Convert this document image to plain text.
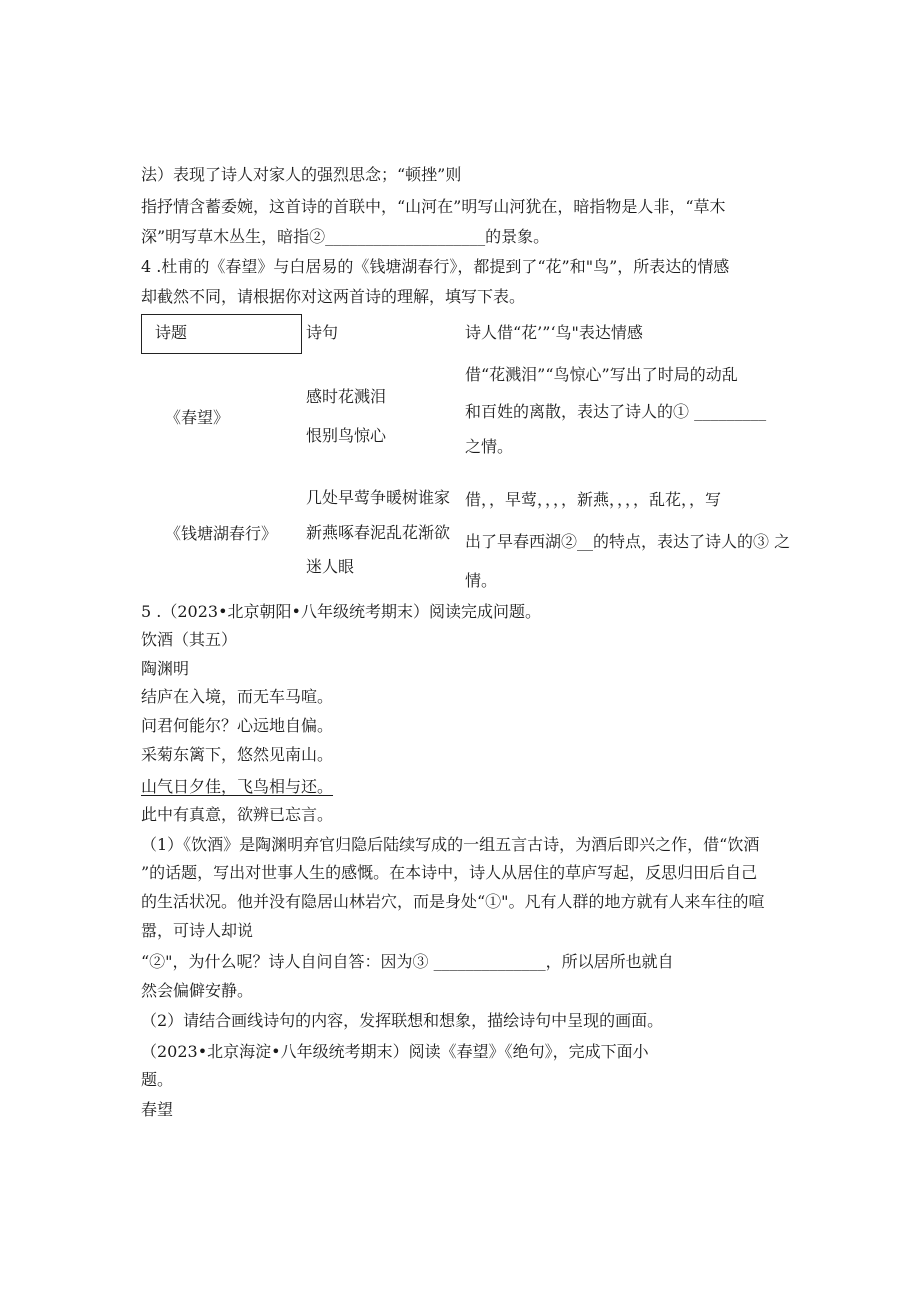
法）表现了诗人对家人的强烈思念；“顿挫”则
指抒情含蓄委婉，这首诗的首联中，“山河在”明写山河犹在，暗指物是人非，“草木
深”明写草木丛生，暗指②____________________的景象。
4 .杜甫的《春望》与白居易的《钱塘湖春行》，都提到了“花”和"鸟”，所表达的情感
却截然不同，请根据你对这两首诗的理解，填写下表。
诗题	诗句	诗人借“花’”‘鸟"表达情感
《春望》
感时花溅泪
恨别鸟惊心
借“花溅泪”“鸟惊心”写出了时局的动乱
和百姓的离散，表达了诗人的① _________
之情。
《钱塘湖春行》
几处早莺争暖树谁家
新燕啄春泥乱花渐欲
迷人眼
借，，早莺，，，，新燕，，，，乱花，，写
出了早春西湖②__的特点，表达了诗人的③ 之
情。
5 .（2023•北京朝阳•八年级统考期末）阅读完成问题。
饮酒（其五）
陶渊明
结庐在入境，而无车马喧。
问君何能尔？心远地自偏。
采菊东篱下，悠然见南山。
山气日夕佳，飞鸟相与还。
此中有真意，欲辨已忘言。
（1）《饮酒》是陶渊明弃官归隐后陆续写成的一组五言古诗，为酒后即兴之作，借“饮酒
”的话题，写出对世事人生的感慨。在本诗中，诗人从居住的草庐写起，反思归田后自己
的生活状况。他并没有隐居山林岩穴，而是身处“①"。凡有人群的地方就有人来车往的喧
嚣，可诗人却说
“②"，为什么呢？诗人自问自答：因为③ ______________，所以居所也就自
然会偏僻安静。
（2）请结合画线诗句的内容，发挥联想和想象，描绘诗句中呈现的画面。
（2023•北京海淀•八年级统考期末）阅读《春望》《绝句》，完成下面小
题。
春望
